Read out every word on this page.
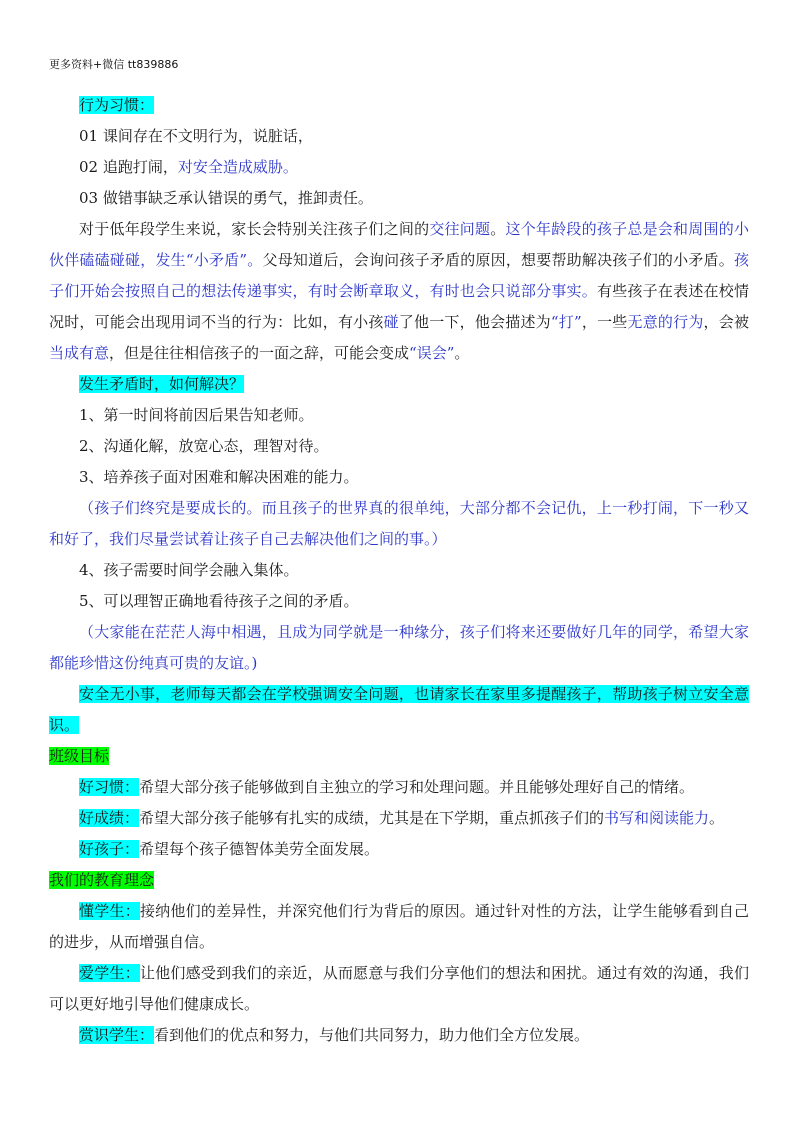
更多资料+微信 tt839886
行为习惯：
01 课间存在不文明行为，说脏话，
02 追跑打闹，对安全造成威胁。
03 做错事缺乏承认错误的勇气，推卸责任。
对于低年段学生来说，家长会特别关注孩子们之间的交往问题。这个年龄段的孩子总是会和周围的小伙伴磕磕碰碰，发生“小矛盾”。父母知道后，会询问孩子矛盾的原因，想要帮助解决孩子们的小矛盾。孩子们开始会按照自己的想法传递事实，有时会断章取义，有时也会只说部分事实。有些孩子在表述在校情况时，可能会出现用词不当的行为：比如，有小孩碰了他一下，他会描述为“打”，一些无意的行为，会被当成有意，但是往往相信孩子的一面之辞，可能会变成“误会”。
发生矛盾时，如何解决？
1、第一时间将前因后果告知老师。
2、沟通化解，放宽心态，理智对待。
3、培养孩子面对困难和解决困难的能力。
（孩子们终究是要成长的。而且孩子的世界真的很单纯，大部分都不会记仇，上一秒打闹，下一秒又和好了，我们尽量尝试着让孩子自己去解决他们之间的事。）
4、孩子需要时间学会融入集体。
5、可以理智正确地看待孩子之间的矛盾。
（大家能在茫茫人海中相遇，且成为同学就是一种缘分，孩子们将来还要做好几年的同学，希望大家都能珍惜这份纯真可贵的友谊。)
安全无小事，老师每天都会在学校强调安全问题，也请家长在家里多提醒孩子，帮助孩子树立安全意识。
班级目标
好习惯：希望大部分孩子能够做到自主独立的学习和处理问题。并且能够处理好自己的情绪。
好成绩：希望大部分孩子能够有扎实的成绩，尤其是在下学期，重点抓孩子们的书写和阅读能力。
好孩子：希望每个孩子德智体美劳全面发展。
我们的教育理念
懂学生：接纳他们的差异性，并深究他们行为背后的原因。通过针对性的方法，让学生能够看到自己的进步，从而增强自信。
爱学生：让他们感受到我们的亲近，从而愿意与我们分享他们的想法和困扰。通过有效的沟通，我们可以更好地引导他们健康成长。
赏识学生：看到他们的优点和努力，与他们共同努力，助力他们全方位发展。
